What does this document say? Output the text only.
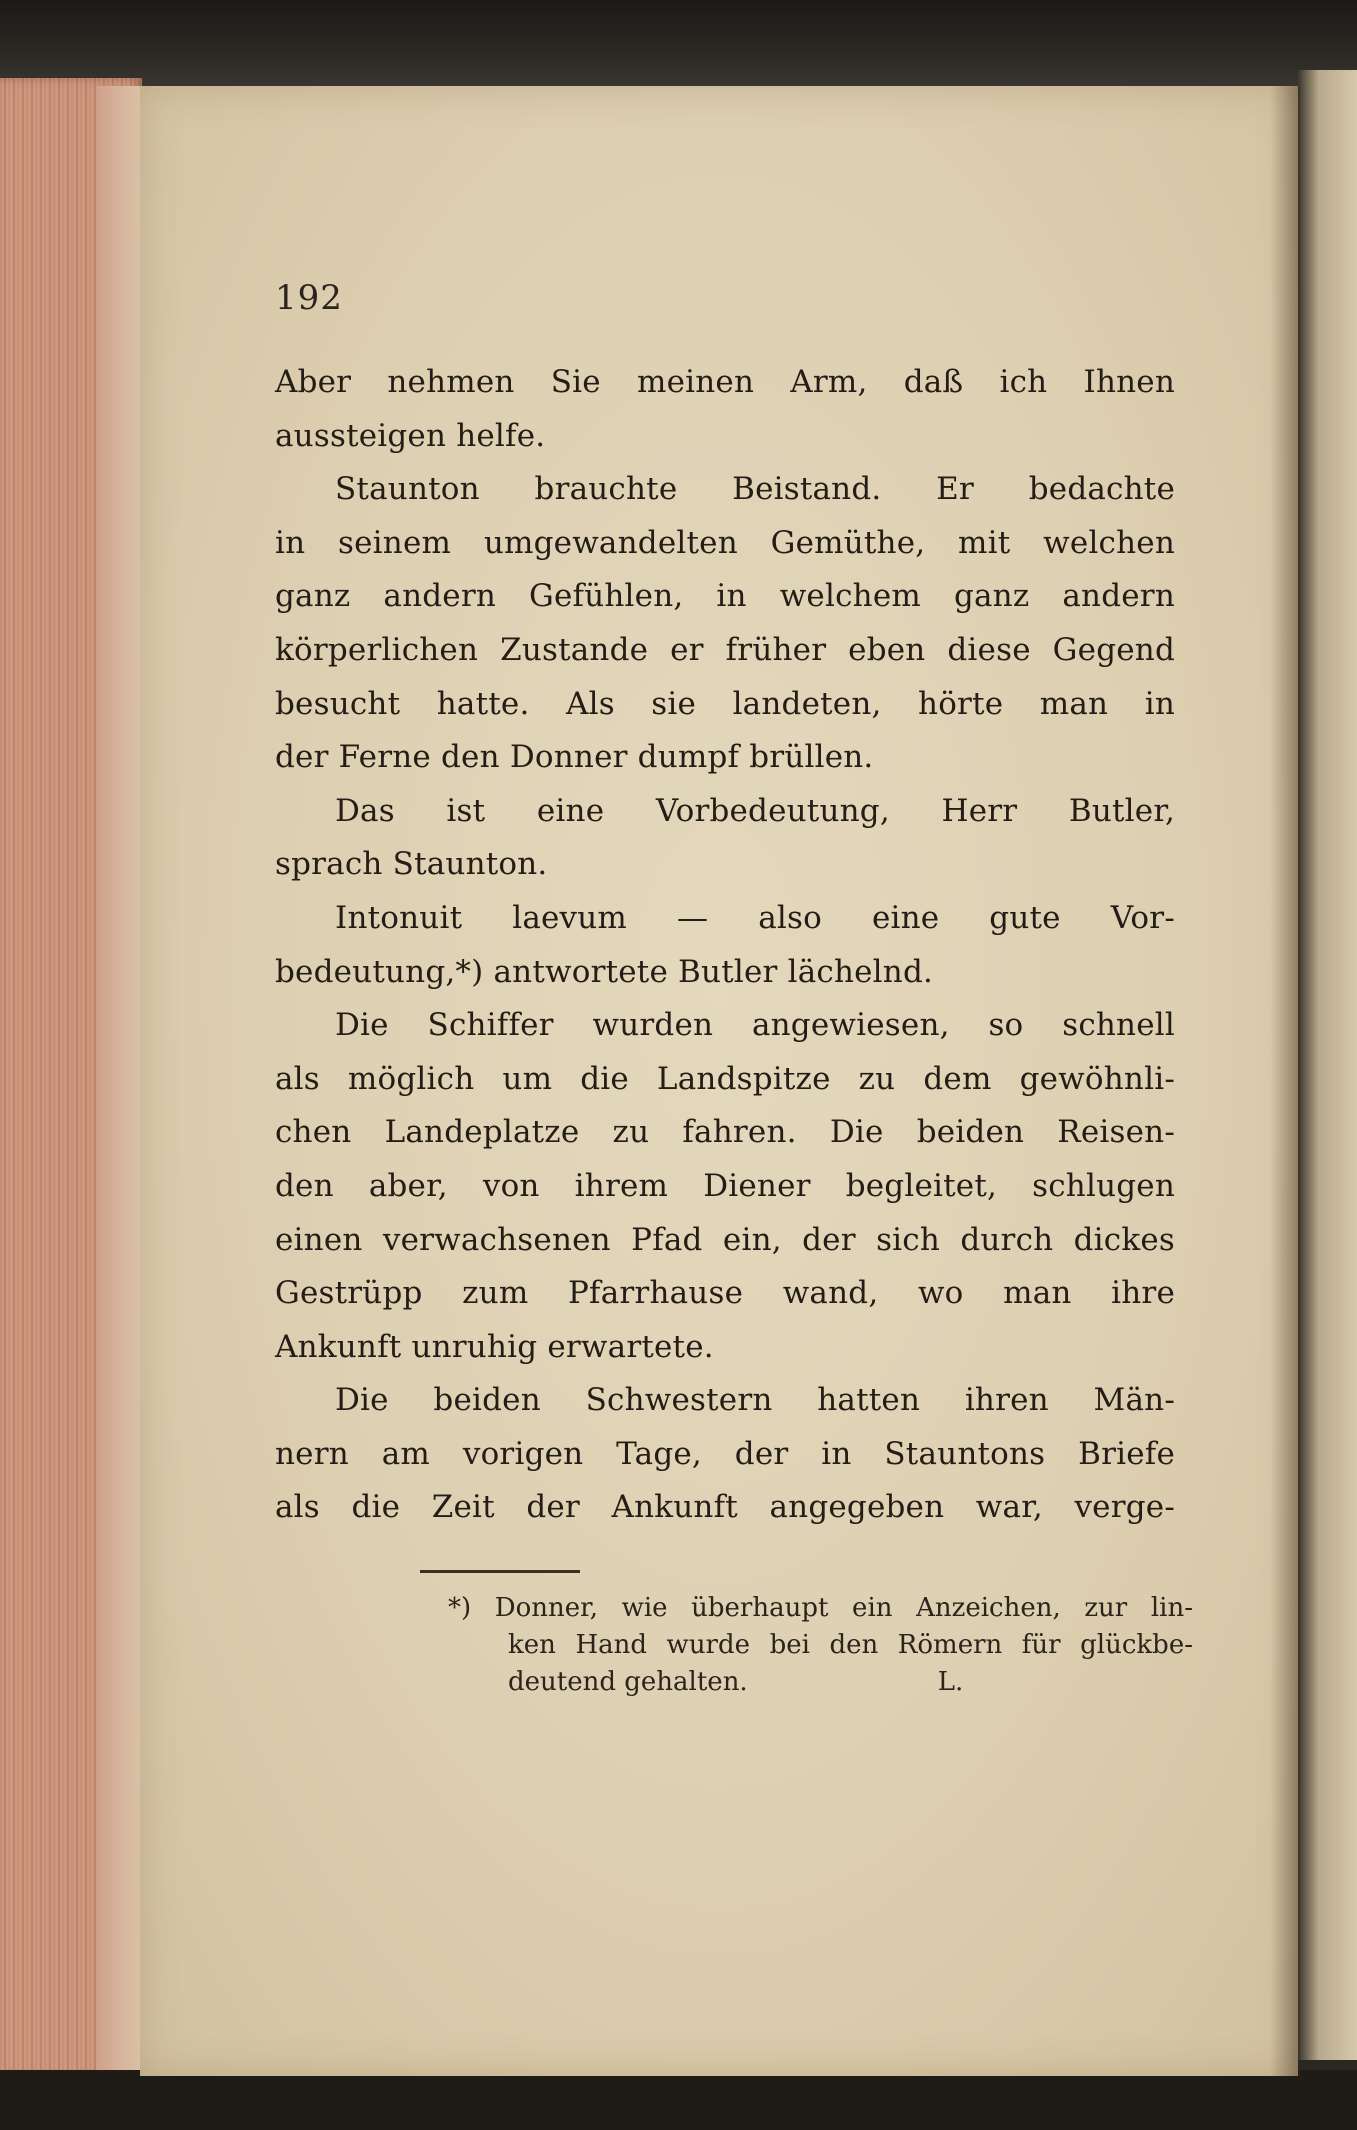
192

Aber nehmen Sie meinen Arm, daß ich Ihnen
aussteigen helfe.
Staunton brauchte Beistand. Er bedachte
in seinem umgewandelten Gemüthe, mit welchen
ganz andern Gefühlen, in welchem ganz andern
körperlichen Zustande er früher eben diese Gegend
besucht hatte. Als sie landeten, hörte man in
der Ferne den Donner dumpf brüllen.
Das ist eine Vorbedeutung, Herr Butler,
sprach Staunton.
Intonuit laevum — also eine gute Vor-
bedeutung,*) antwortete Butler lächelnd.
Die Schiffer wurden angewiesen, so schnell
als möglich um die Landspitze zu dem gewöhnli-
chen Landeplatze zu fahren. Die beiden Reisen-
den aber, von ihrem Diener begleitet, schlugen
einen verwachsenen Pfad ein, der sich durch dickes
Gestrüpp zum Pfarrhause wand, wo man ihre
Ankunft unruhig erwartete.
Die beiden Schwestern hatten ihren Män-
nern am vorigen Tage, der in Stauntons Briefe
als die Zeit der Ankunft angegeben war, verge-
*) Donner, wie überhaupt ein Anzeichen, zur lin-
ken Hand wurde bei den Römern für glückbe-
deutend gehalten.	L.
